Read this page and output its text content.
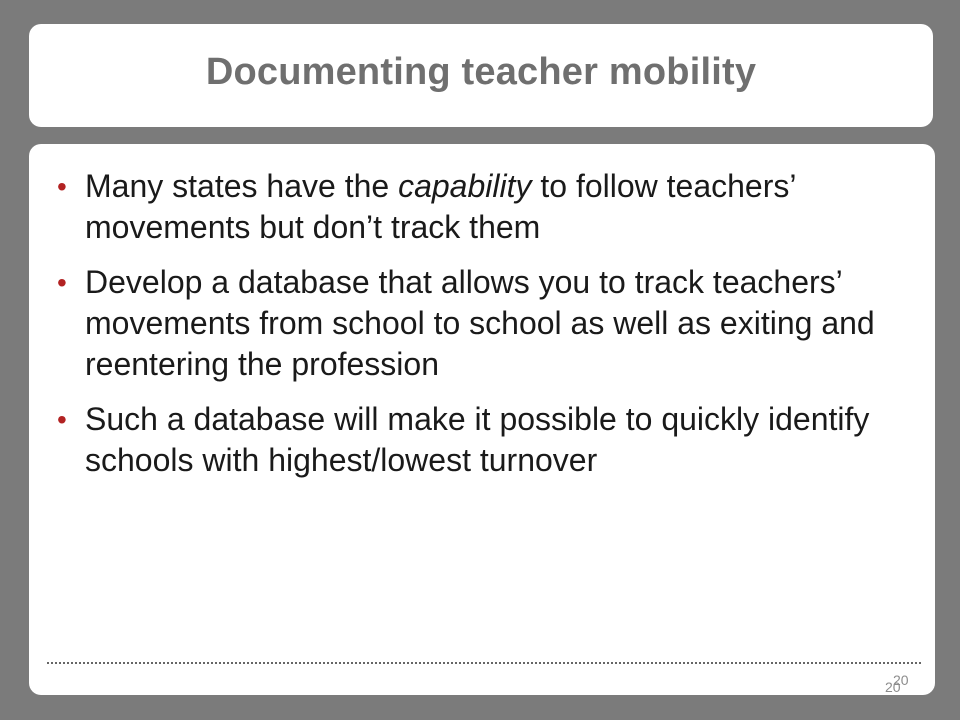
Documenting teacher mobility
• Many states have the capability to follow teachers’ movements but don’t track them
• Develop a database that allows you to track teachers’ movements from school to school as well as exiting and reentering the profession
• Such a database will make it possible to quickly identify schools with highest/lowest turnover
20
20
